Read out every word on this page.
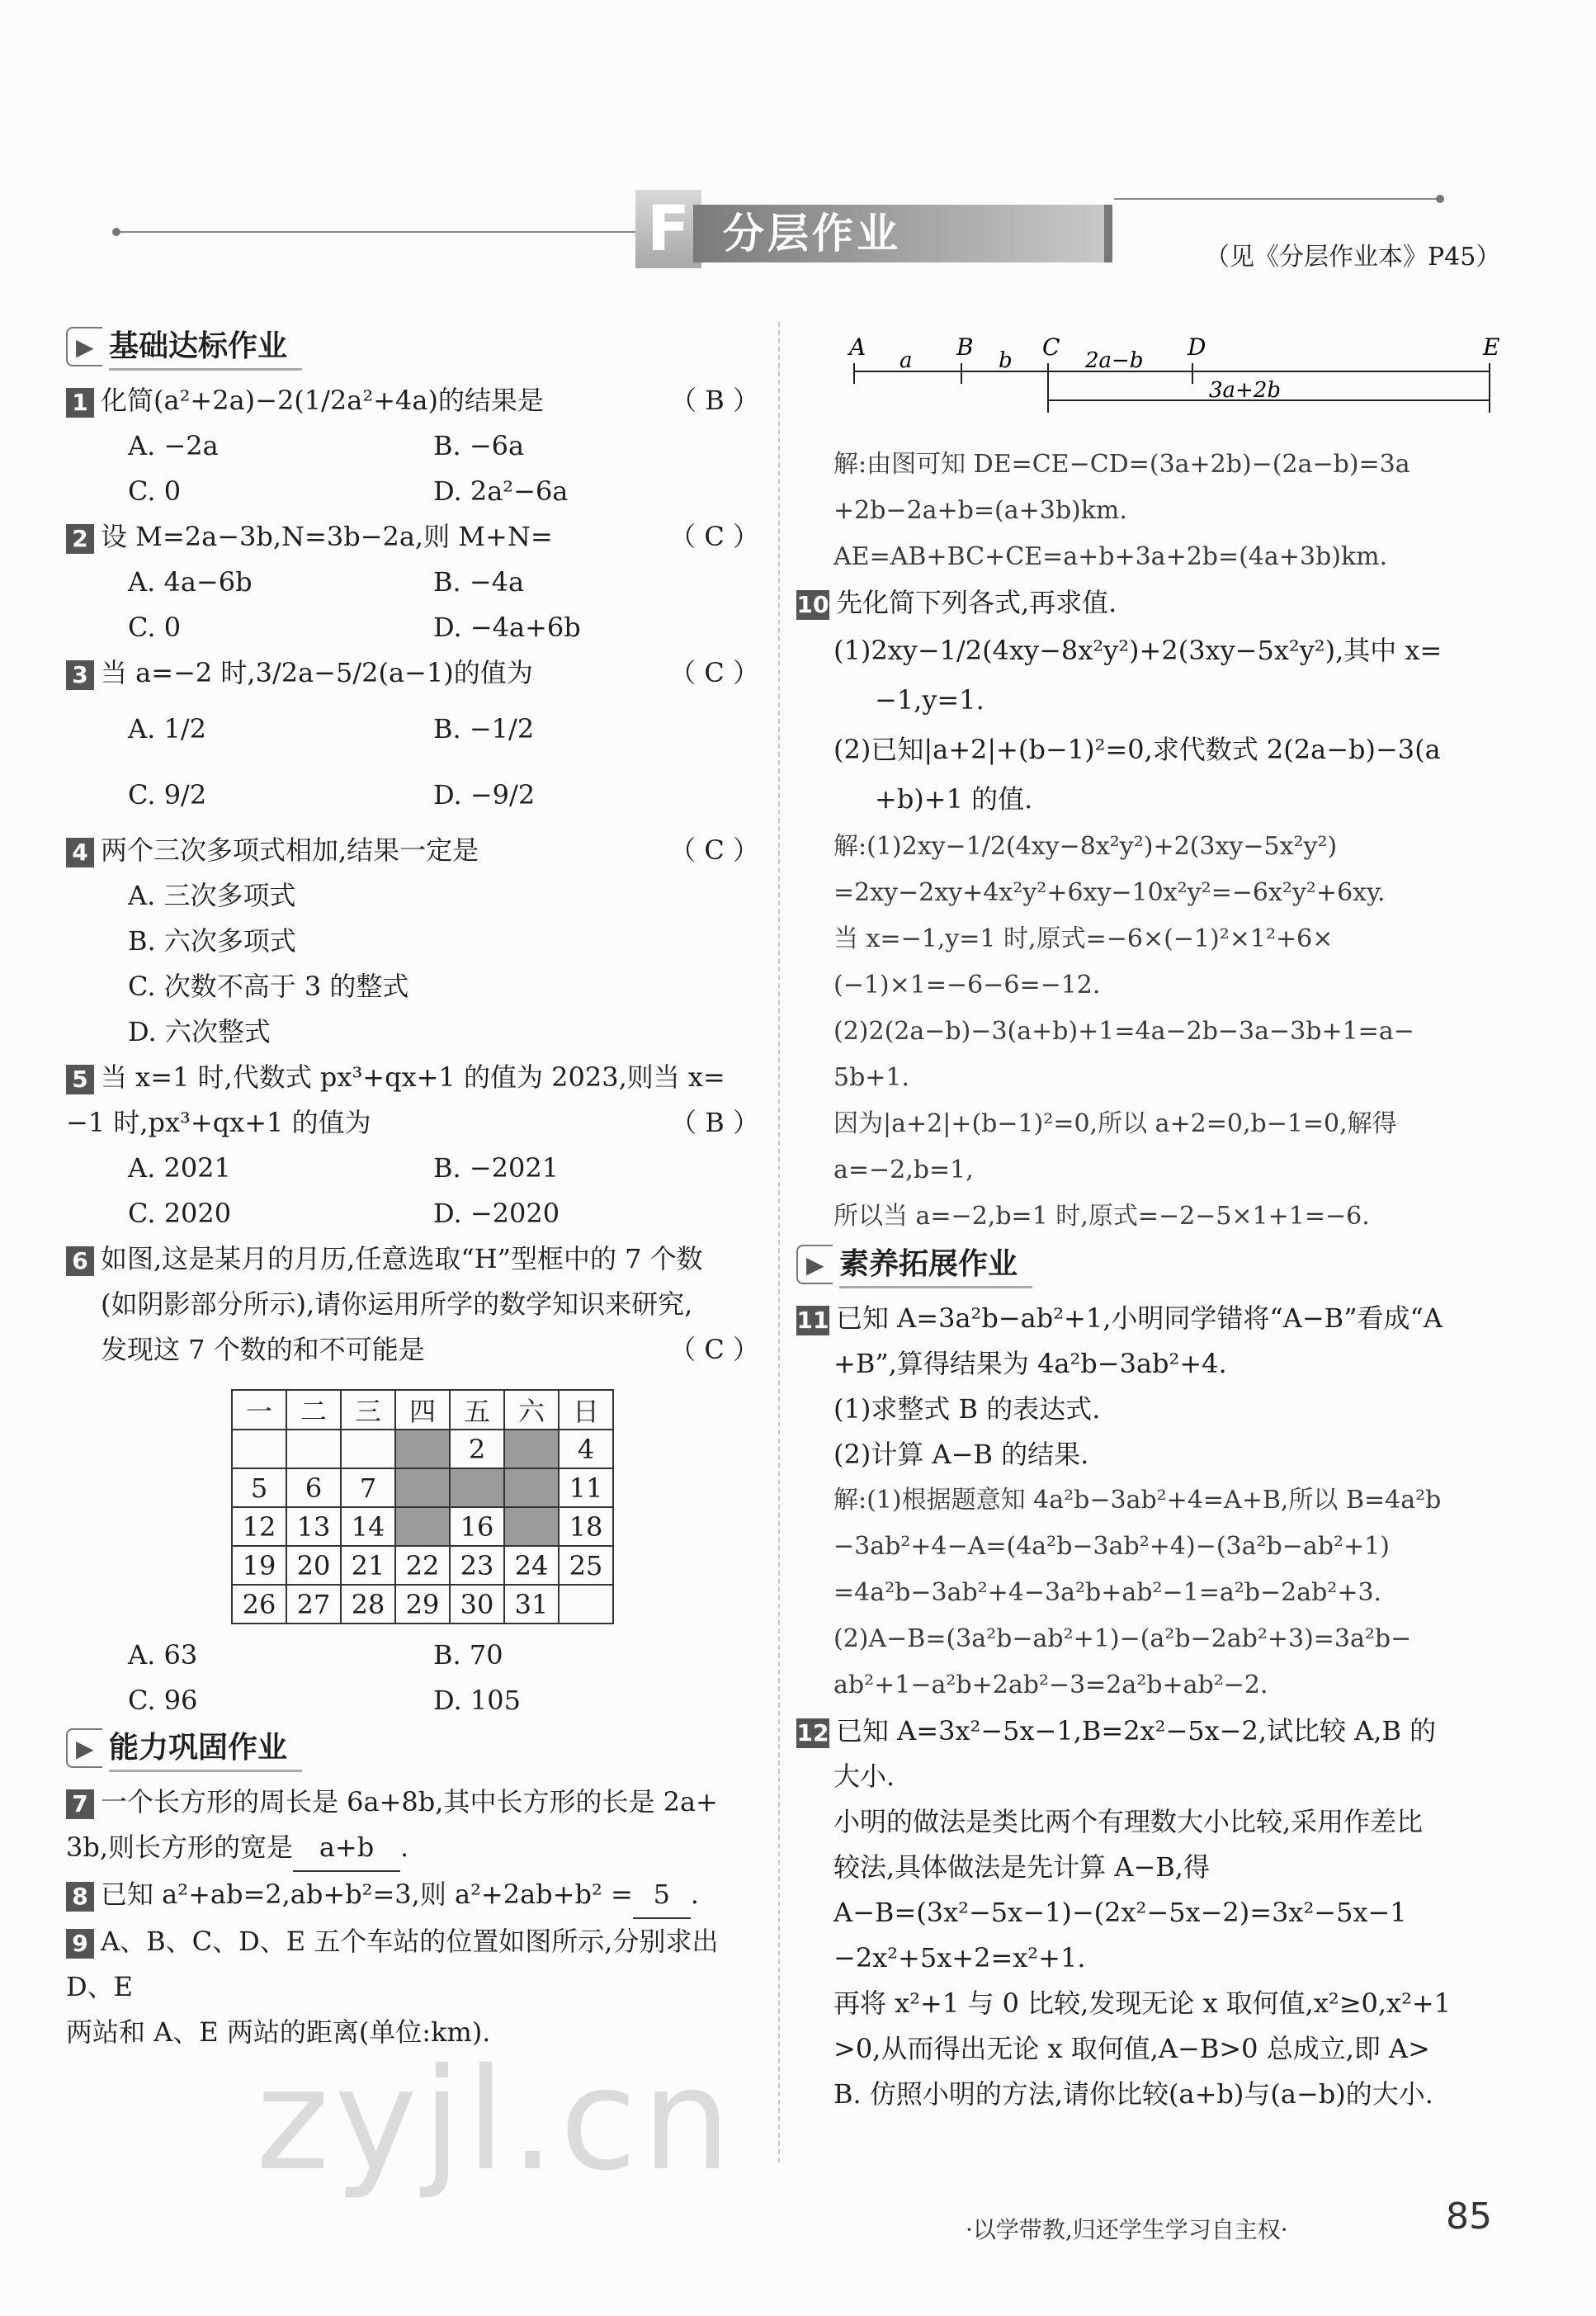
F 分层作业	（见《分层作业本》P45）
▶ 基础达标作业
1 化简(a²+2a)−2(1/2a²+4a)的结果是	（ B ）
A. −2a	B. −6a
C. 0	D. 2a²−6a
2 设 M=2a−3b,N=3b−2a,则 M+N=	（ C ）
A. 4a−6b	B. −4a
C. 0	D. −4a+6b
3 当 a=−2 时,3/2a−5/2(a−1)的值为	（ C ）
A. 1/2	B. −1/2
C. 9/2	D. −9/2
4 两个三次多项式相加,结果一定是	（ C ）
A. 三次多项式
B. 六次多项式
C. 次数不高于 3 的整式
D. 六次整式
5 当 x=1 时,代数式 px³+qx+1 的值为 2023,则当 x=
−1 时,px³+qx+1 的值为	（ B ）
A. 2021	B. −2021
C. 2020	D. −2020
6 如图,这是某月的月历,任意选取“H”型框中的 7 个数
(如阴影部分所示),请你运用所学的数学知识来研究,
发现这 7 个数的和不可能是	（ C ）
一	二	三	四	五	六	日
				2		4
5	6	7				11
12	13	14		16		18
19	20	21	22	23	24	25
26	27	28	29	30	31	
A. 63	B. 70
C. 96	D. 105
▶ 能力巩固作业
7 一个长方形的周长是 6a+8b,其中长方形的长是 2a+
3b,则长方形的宽是 a+b .
8 已知 a²+ab=2,ab+b²=3,则 a²+2ab+b² = 5 .
9 A、B、C、D、E 五个车站的位置如图所示,分别求出 D、E
两站和 A、E 两站的距离(单位:km).
A	B	C	D	E
a	b	2a−b
3a+2b
解:由图可知 DE=CE−CD=(3a+2b)−(2a−b)=3a
+2b−2a+b=(a+3b)km.
AE=AB+BC+CE=a+b+3a+2b=(4a+3b)km.
10 先化简下列各式,再求值.
(1)2xy−1/2(4xy−8x²y²)+2(3xy−5x²y²),其中 x=
−1,y=1.
(2)已知|a+2|+(b−1)²=0,求代数式 2(2a−b)−3(a
+b)+1 的值.
解:(1)2xy−1/2(4xy−8x²y²)+2(3xy−5x²y²)
=2xy−2xy+4x²y²+6xy−10x²y²=−6x²y²+6xy.
当 x=−1,y=1 时,原式=−6×(−1)²×1²+6×
(−1)×1=−6−6=−12.
(2)2(2a−b)−3(a+b)+1=4a−2b−3a−3b+1=a−
5b+1.
因为|a+2|+(b−1)²=0,所以 a+2=0,b−1=0,解得
a=−2,b=1,
所以当 a=−2,b=1 时,原式=−2−5×1+1=−6.
▶ 素养拓展作业
11 已知 A=3a²b−ab²+1,小明同学错将“A−B”看成“A
+B”,算得结果为 4a²b−3ab²+4.
(1)求整式 B 的表达式.
(2)计算 A−B 的结果.
解:(1)根据题意知 4a²b−3ab²+4=A+B,所以 B=4a²b
−3ab²+4−A=(4a²b−3ab²+4)−(3a²b−ab²+1)
=4a²b−3ab²+4−3a²b+ab²−1=a²b−2ab²+3.
(2)A−B=(3a²b−ab²+1)−(a²b−2ab²+3)=3a²b−
ab²+1−a²b+2ab²−3=2a²b+ab²−2.
12 已知 A=3x²−5x−1,B=2x²−5x−2,试比较 A,B 的
大小.
小明的做法是类比两个有理数大小比较,采用作差比
较法,具体做法是先计算 A−B,得
A−B=(3x²−5x−1)−(2x²−5x−2)=3x²−5x−1
−2x²+5x+2=x²+1.
再将 x²+1 与 0 比较,发现无论 x 取何值,x²≥0,x²+1
>0,从而得出无论 x 取何值,A−B>0 总成立,即 A>
B. 仿照小明的方法,请你比较(a+b)与(a−b)的大小.
zyjl.cn
·以学带教,归还学生学习自主权·	85
